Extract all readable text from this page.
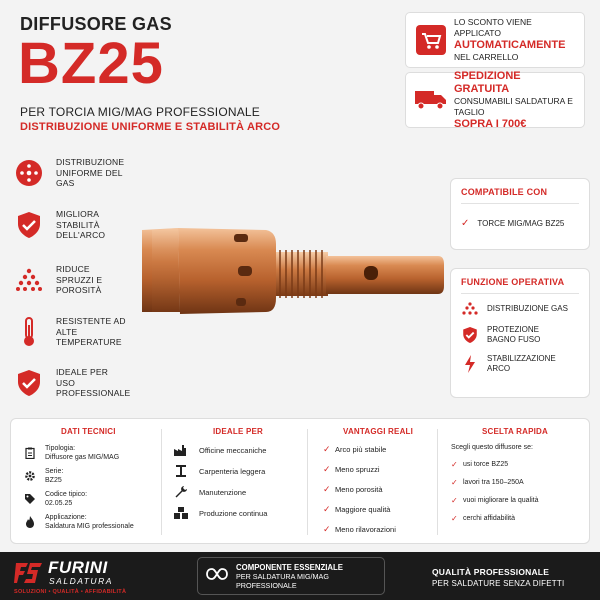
DIFFUSORE GAS
BZ25
PER TORCIA MIG/MAG PROFESSIONALE
DISTRIBUZIONE UNIFORME E STABILITÀ ARCO
LO SCONTO VIENE APPLICATO
AUTOMATICAMENTE
NEL CARRELLO
SPEDIZIONE GRATUITA
CONSUMABILI SALDATURA E TAGLIO
SOPRA I 700€
DISTRIBUZIONE UNIFORME DEL GAS
MIGLIORA STABILITÀ DELL'ARCO
RIDUCE SPRUZZI E POROSITÀ
RESISTENTE AD ALTE TEMPERATURE
IDEALE PER USO PROFESSIONALE
COMPATIBILE CON
✓ TORCE MIG/MAG BZ25
FUNZIONE OPERATIVA
DISTRIBUZIONE GAS
PROTEZIONE BAGNO FUSO
STABILIZZAZIONE ARCO
DATI TECNICI
Tipologia:
Diffusore gas MIG/MAG
Serie:
BZ25
Codice tipico:
02.05.25
Applicazione:
Saldatura MIG professionale
IDEALE PER
Officine meccaniche
Carpenteria leggera
Manutenzione
Produzione continua
VANTAGGI REALI
✓ Arco più stabile
✓ Meno spruzzi
✓ Meno porosità
✓ Maggiore qualità
✓ Meno rilavorazioni
SCELTA RAPIDA
Scegli questo diffusore se:
✓ usi torce BZ25
✓ lavori tra 150–250A
✓ vuoi migliorare la qualità
✓ cerchi affidabilità
FURINI
SALDATURA
SOLUZIONI • QUALITÀ • AFFIDABILITÀ
COMPONENTE ESSENZIALE
PER SALDATURA MIG/MAG PROFESSIONALE
QUALITÀ PROFESSIONALE
PER SALDATURE SENZA DIFETTI
